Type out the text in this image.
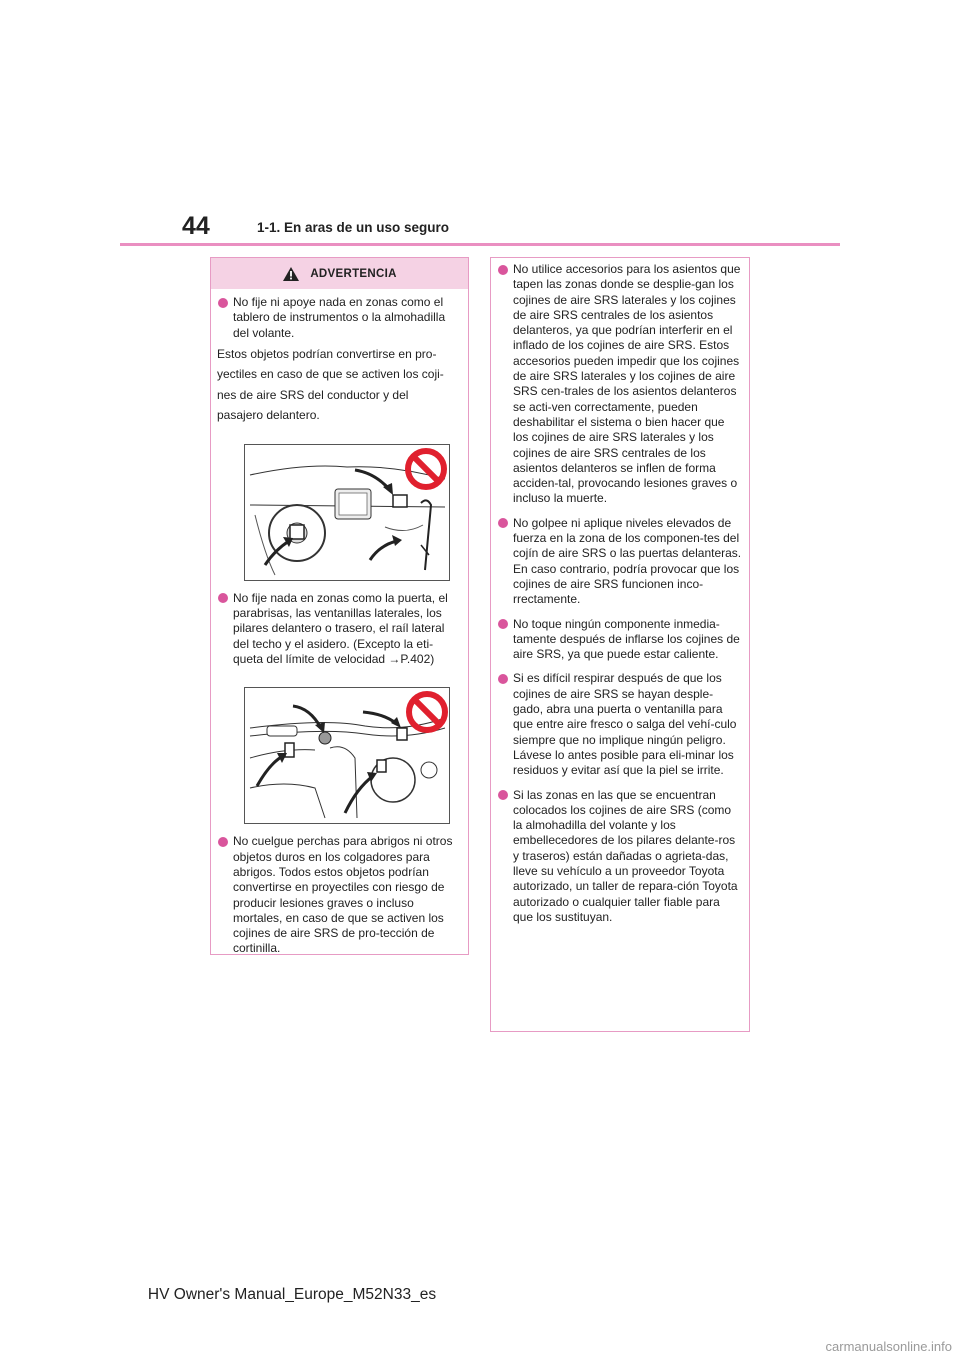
44	1-1. En aras de un uso seguro
ADVERTENCIA
No fije ni apoye nada en zonas como el tablero de instrumentos o la almohadilla del volante.

Estos objetos podrían convertirse en pro-

yectiles en caso de que se activen los coji-

nes de aire SRS del conductor y del

pasajero delantero.

No fije nada en zonas como la puerta, el parabrisas, las ventanillas laterales, los pilares delantero o trasero, el raíl lateral del techo y el asidero. (Excepto la eti-queta del límite de velocidad →P.402)
No cuelgue perchas para abrigos ni otros objetos duros en los colgadores para abrigos. Todos estos objetos podrían convertirse en proyectiles con riesgo de producir lesiones graves o incluso mortales, en caso de que se activen los cojines de aire SRS de pro-tección de cortinilla.
No utilice accesorios para los asientos que tapen las zonas donde se desplie-gan los cojines de aire SRS laterales y los cojines de aire SRS centrales de los asientos delanteros, ya que podrían interferir en el inflado de los cojines de aire SRS. Estos accesorios pueden impedir que los cojines de aire SRS laterales y los cojines de aire SRS cen-trales de los asientos delanteros se acti-ven correctamente, pueden deshabilitar el sistema o bien hacer que los cojines de aire SRS laterales y los cojines de aire SRS centrales de los asientos delanteros se inflen de forma acciden-tal, provocando lesiones graves o incluso la muerte.
No golpee ni aplique niveles elevados de fuerza en la zona de los componen-tes del cojín de aire SRS o las puertas delanteras.
En caso contrario, podría provocar que los cojines de aire SRS funcionen inco-rrectamente.
No toque ningún componente inmedia-tamente después de inflarse los cojines de aire SRS, ya que puede estar caliente.
Si es difícil respirar después de que los cojines de aire SRS se hayan desple-gado, abra una puerta o ventanilla para que entre aire fresco o salga del vehí-culo siempre que no implique ningún peligro. Lávese lo antes posible para eli-minar los residuos y evitar así que la piel se irrite.
Si las zonas en las que se encuentran colocados los cojines de aire SRS (como la almohadilla del volante y los embellecedores de los pilares delante-ros y traseros) están dañadas o agrieta-das, lleve su vehículo a un proveedor Toyota autorizado, un taller de repara-ción Toyota autorizado o cualquier taller fiable para que los sustituyan.
HV Owner's Manual_Europe_M52N33_es
carmanualsonline.info
